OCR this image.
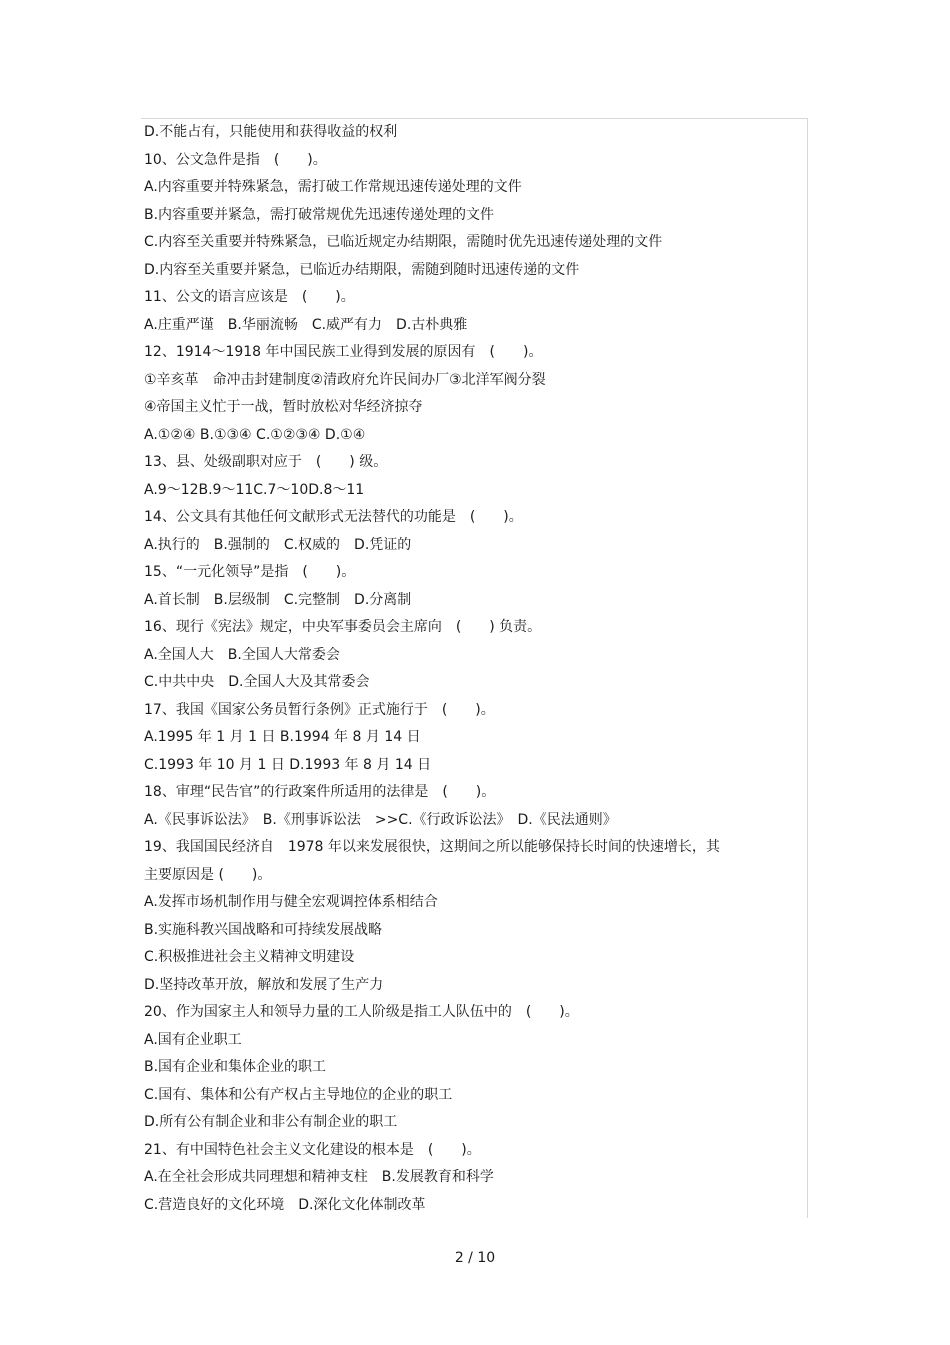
D.不能占有，只能使用和获得收益的权利
10、公文急件是指　(　　)。
A.内容重要并特殊紧急，需打破工作常规迅速传递处理的文件
B.内容重要并紧急，需打破常规优先迅速传递处理的文件
C.内容至关重要并特殊紧急，已临近规定办结期限，需随时优先迅速传递处理的文件
D.内容至关重要并紧急，已临近办结期限，需随到随时迅速传递的文件
11、公文的语言应该是　(　　)。
A.庄重严谨　B.华丽流畅　C.威严有力　D.古朴典雅
12、1914～1918 年中国民族工业得到发展的原因有　(　　)。
①辛亥革　命冲击封建制度②清政府允许民间办厂③北洋军阀分裂
④帝国主义忙于一战，暂时放松对华经济掠夺
A.①②④ B.①③④ C.①②③④ D.①④
13、县、处级副职对应于　(　　) 级。
A.9～12B.9～11C.7～10D.8～11
14、公文具有其他任何文献形式无法替代的功能是　(　　)。
A.执行的　B.强制的　C.权威的　D.凭证的
15、“一元化领导”是指　(　　)。
A.首长制　B.层级制　C.完整制　D.分离制
16、现行《宪法》规定，中央军事委员会主席向　(　　) 负责。
A.全国人大　B.全国人大常委会
C.中共中央　D.全国人大及其常委会
17、我国《国家公务员暂行条例》正式施行于　(　　)。
A.1995 年 1 月 1 日 B.1994 年 8 月 14 日
C.1993 年 10 月 1 日 D.1993 年 8 月 14 日
18、审理“民告官”的行政案件所适用的法律是　(　　)。
A.《民事诉讼法》　B.《刑事诉讼法　>>C.《行政诉讼法》　D.《民法通则》
19、我国国民经济自　1978 年以来发展很快，这期间之所以能够保持长时间的快速增长，其
主要原因是 (　　)。
A.发挥市场机制作用与健全宏观调控体系相结合
B.实施科教兴国战略和可持续发展战略
C.积极推进社会主义精神文明建设
D.坚持改革开放，解放和发展了生产力
20、作为国家主人和领导力量的工人阶级是指工人队伍中的　(　　)。
A.国有企业职工
B.国有企业和集体企业的职工
C.国有、集体和公有产权占主导地位的企业的职工
D.所有公有制企业和非公有制企业的职工
21、有中国特色社会主义文化建设的根本是　(　　)。
A.在全社会形成共同理想和精神支柱　B.发展教育和科学
C.营造良好的文化环境　D.深化文化体制改革
2 / 10
